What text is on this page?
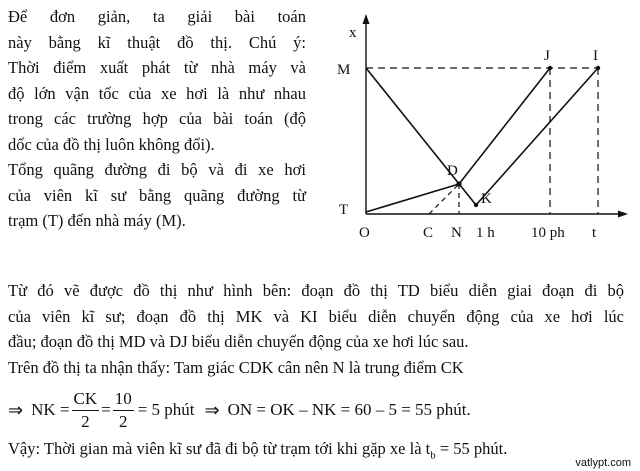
Để đơn giản, ta giải bài toán
này bằng kĩ thuật đồ thị. Chú ý:
Thời điểm xuất phát từ nhà máy và
độ lớn vận tốc của xe hơi là như nhau
trong các trường hợp của bài toán (độ
dốc của đồ thị luôn không đổi).
Tổng quãng đường đi bộ và đi xe hơi
của viên kĩ sư bằng quãng đường từ
trạm (T) đến nhà máy (M).
x
M
T
O
D
K
J	I
C N 1 h 10 ph t
Từ đó vẽ được đồ thị như hình bên: đoạn đồ thị TD biểu diễn giai đoạn đi bộ
của viên kĩ sư; đoạn đồ thị MK và KI biểu diễn chuyển động của xe hơi lúc
đầu; đoạn đồ thị MD và DJ biểu diễn chuyển động của xe hơi lúc sau.
Trên đồ thị ta nhận thấy: Tam giác CDK cân nên N là trung điểm CK
⇒ NK = $\frac{CK}{2} = \frac{10}{2} = 5$ phút ⇒ ON = OK – NK = 60 – 5 = 55 phút.
Vậy: Thời gian mà viên kĩ sư đã đi bộ từ trạm tới khi gặp xe là $t_b = 55$ phút.
vatlypt.com
